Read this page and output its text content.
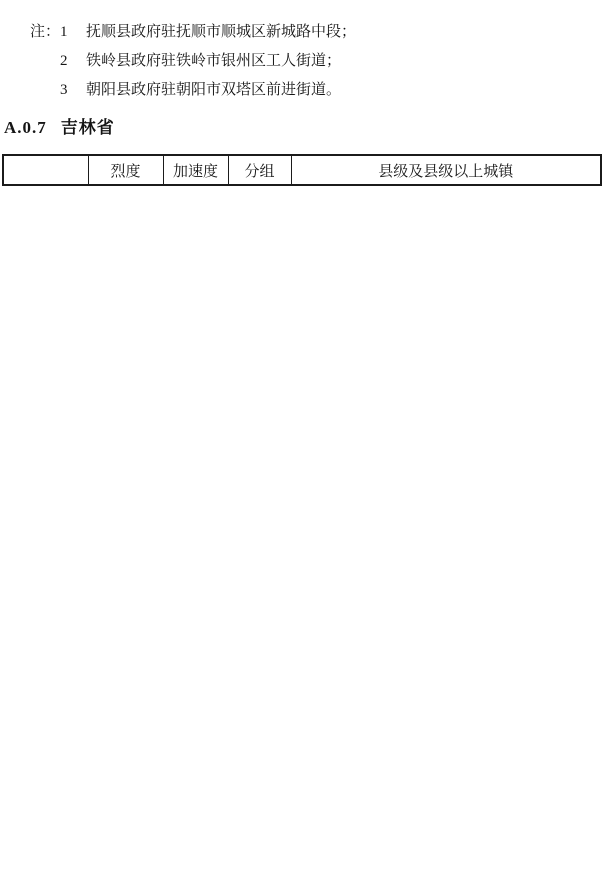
注： 1	抚顺县政府驻抚顺市顺城区新城路中段；
2	铁岭县政府驻铁岭市银州区工人街道；
3	朝阳县政府驻朝阳市双塔区前进街道。
A.0.7 吉林省
	烈度	加速度	分组	县级及县级以上城镇
